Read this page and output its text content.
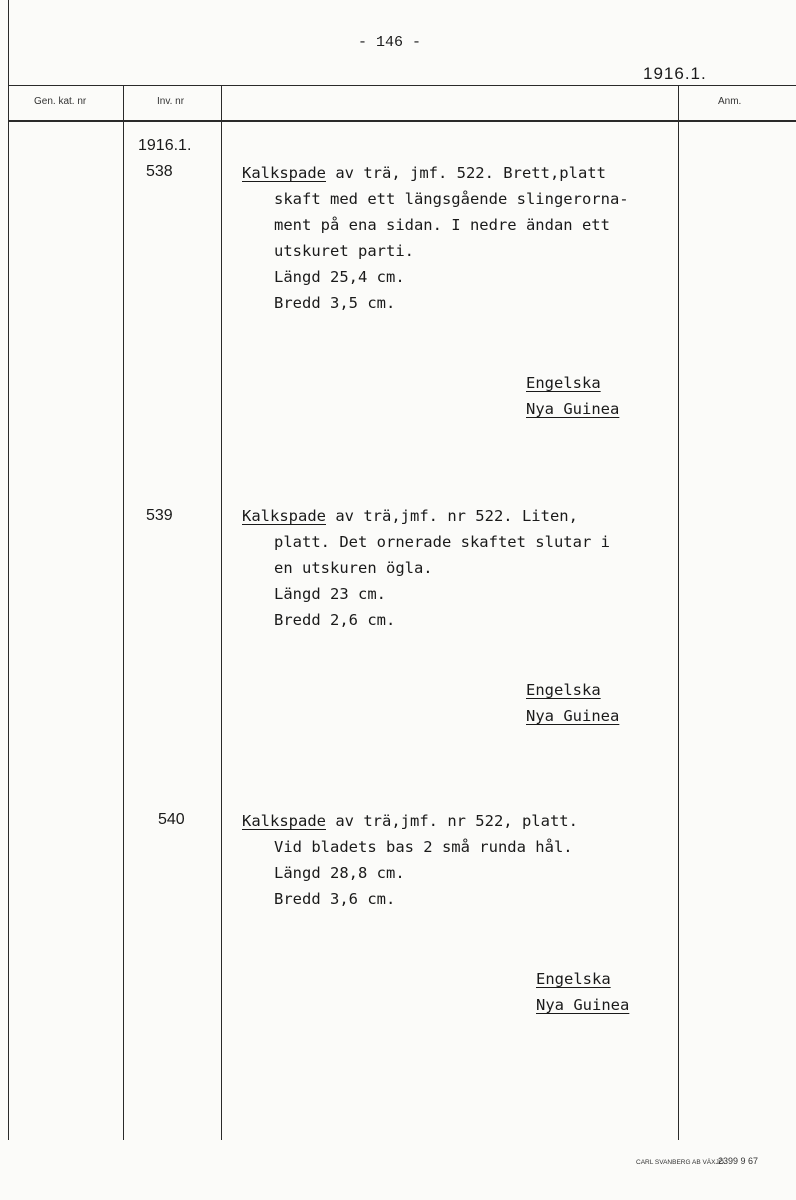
- 146 -
1916.1.
Gen. kat. nr	Inv. nr	Anm.
1916.1.
538	Kalkspade av trä, jmf. 522. Brett,platt
skaft med ett längsgående slingerorna-
ment på ena sidan. I nedre ändan ett
utskuret parti.
Längd 25,4 cm.
Bredd 3,5 cm.
Engelska
Nya Guinea
539	Kalkspade av trä,jmf. nr 522. Liten,
platt. Det ornerade skaftet slutar i
en utskuren ögla.
Längd 23 cm.
Bredd 2,6 cm.
Engelska
Nya Guinea
540	Kalkspade av trä,jmf. nr 522, platt.
Vid bladets bas 2 små runda hål.
Längd 28,8 cm.
Bredd 3,6 cm.
Engelska
Nya Guinea
CARL SVANBERG AB VÄXJÖ
2399 9 67
